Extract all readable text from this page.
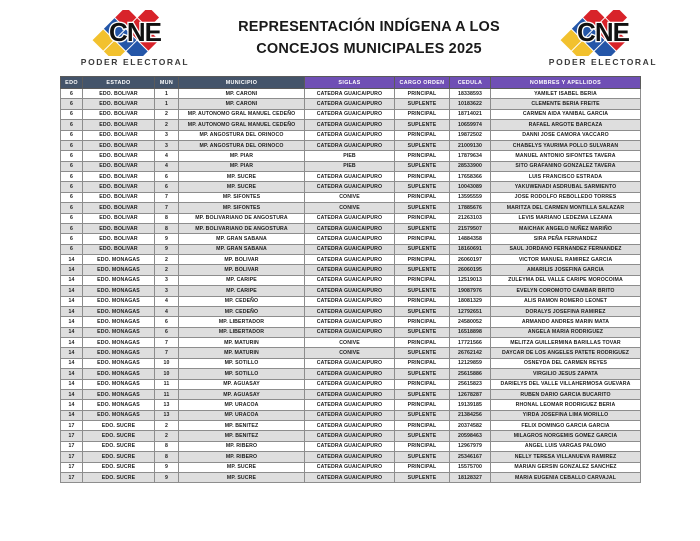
CNE
PODER ELECTORAL
REPRESENTACIÓN INDÍGENA A LOS
CONCEJOS MUNICIPALES 2025
CNE
PODER ELECTORAL
EDO	ESTADO	MUN	MUNICIPIO	SIGLAS	CARGO ORDEN	CEDULA	NOMBRES Y APELLIDOS
6	EDO. BOLIVAR	1	MP. CARONI	CATEDRA GUAICAIPURO	PRINCIPAL	18338593	YAMILET ISABEL BERIA
6	EDO. BOLIVAR	1	MP. CARONI	CATEDRA GUAICAIPURO	SUPLENTE	10183622	CLEMENTE BERIA FREITE
6	EDO. BOLIVAR	2	MP. AUTONOMO GRAL MANUEL CEDEÑO	CATEDRA GUAICAIPURO	PRINCIPAL	18714021	CARMEN AIDA YANIBAL GARCIA
6	EDO. BOLIVAR	2	MP. AUTONOMO GRAL MANUEL CEDEÑO	CATEDRA GUAICAIPURO	SUPLENTE	10659974	RAFAEL ARGOTE BARCAZA
6	EDO. BOLIVAR	3	MP. ANGOSTURA DEL ORINOCO	CATEDRA GUAICAIPURO	PRINCIPAL	19872502	DANNI JOSE CAMORA VACCARO
6	EDO. BOLIVAR	3	MP. ANGOSTURA DEL ORINOCO	CATEDRA GUAICAIPURO	SUPLENTE	21009130	CHABELYS YAURIMA POLLO SULVARAN
6	EDO. BOLIVAR	4	MP. PIAR	PIEB	PRINCIPAL	17879634	MANUEL ANTONIO SIFONTES TAVERA
6	EDO. BOLIVAR	4	MP. PIAR	PIEB	SUPLENTE	28533900	SITO GRAFANINO GONZALEZ TAVERA
6	EDO. BOLIVAR	6	MP. SUCRE	CATEDRA GUAICAIPURO	PRINCIPAL	17658366	LUIS FRANCISCO ESTRADA
6	EDO. BOLIVAR	6	MP. SUCRE	CATEDRA GUAICAIPURO	SUPLENTE	10043089	YAKUWENADI ASDRUBAL SARMIENTO
6	EDO. BOLIVAR	7	MP. SIFONTES	CONIVE	PRINCIPAL	13595559	JOSE RODOLFO REBOLLEDO TORRES
6	EDO. BOLIVAR	7	MP. SIFONTES	CONIVE	SUPLENTE	17885676	MARITZA DEL CARMEN MONTILLA SALAZAR
6	EDO. BOLIVAR	8	MP. BOLIVARIANO DE ANGOSTURA	CATEDRA GUAICAIPURO	PRINCIPAL	21263103	LEVIS MARIANO LEDEZMA LEZAMA
6	EDO. BOLIVAR	8	MP. BOLIVARIANO DE ANGOSTURA	CATEDRA GUAICAIPURO	SUPLENTE	21579507	MAICHAK ANGELO NUÑEZ MARIÑO
6	EDO. BOLIVAR	9	MP. GRAN SABANA	CATEDRA GUAICAIPURO	PRINCIPAL	14884358	SIRA PEÑA FERNANDEZ
6	EDO. BOLIVAR	9	MP. GRAN SABANA	CATEDRA GUAICAIPURO	SUPLENTE	18160691	SAUL JORDANO FERNANDEZ FERNANDEZ
14	EDO. MONAGAS	2	MP. BOLIVAR	CATEDRA GUAICAIPURO	PRINCIPAL	26060197	VICTOR MANUEL RAMIREZ GARCIA
14	EDO. MONAGAS	2	MP. BOLIVAR	CATEDRA GUAICAIPURO	SUPLENTE	26060195	AMARILIS JOSEFINA GARCIA
14	EDO. MONAGAS	3	MP. CARIPE	CATEDRA GUAICAIPURO	PRINCIPAL	12519013	ZULEYMA DEL VALLE CARIPE MOROCOIMA
14	EDO. MONAGAS	3	MP. CARIPE	CATEDRA GUAICAIPURO	SUPLENTE	19087976	EVELYN COROMOTO CAMBAR BRITO
14	EDO. MONAGAS	4	MP. CEDEÑO	CATEDRA GUAICAIPURO	PRINCIPAL	18081329	ALIS RAMON ROMERO LEONET
14	EDO. MONAGAS	4	MP. CEDEÑO	CATEDRA GUAICAIPURO	SUPLENTE	12792651	DORALYS JOSEFINA RAMIREZ
14	EDO. MONAGAS	6	MP. LIBERTADOR	CATEDRA GUAICAIPURO	PRINCIPAL	24580052	ARMANDO ANDRES MARIN MATA
14	EDO. MONAGAS	6	MP. LIBERTADOR	CATEDRA GUAICAIPURO	SUPLENTE	16518898	ANGELA MARIA RODRIGUEZ
14	EDO. MONAGAS	7	MP. MATURIN	CONIVE	PRINCIPAL	17721566	MELITZA GUILLERMINA BARILLAS TOVAR
14	EDO. MONAGAS	7	MP. MATURIN	CONIVE	SUPLENTE	26762142	DAYCAR DE LOS ANGELES PATETE RODRIGUEZ
14	EDO. MONAGAS	10	MP. SOTILLO	CATEDRA GUAICAIPURO	PRINCIPAL	12129859	OSNEYDA DEL CARMEN REYES
14	EDO. MONAGAS	10	MP. SOTILLO	CATEDRA GUAICAIPURO	SUPLENTE	25615886	VIRGILIO JESUS ZAPATA
14	EDO. MONAGAS	11	MP. AGUASAY	CATEDRA GUAICAIPURO	PRINCIPAL	25615823	DARIELYS DEL VALLE VILLAHERMOSA GUEVARA
14	EDO. MONAGAS	11	MP. AGUASAY	CATEDRA GUAICAIPURO	SUPLENTE	12678287	RUBEN DARIO GARCIA BUCARITO
14	EDO. MONAGAS	13	MP. URACOA	CATEDRA GUAICAIPURO	PRINCIPAL	19139185	RHONAL LEOMAR RODRIGUEZ BERIA
14	EDO. MONAGAS	13	MP. URACOA	CATEDRA GUAICAIPURO	SUPLENTE	21384256	YIRDA JOSEFINA LIMA MORILLO
17	EDO. SUCRE	2	MP. BENITEZ	CATEDRA GUAICAIPURO	PRINCIPAL	20374582	FELIX DOMINGO GARCIA GARCIA
17	EDO. SUCRE	2	MP. BENITEZ	CATEDRA GUAICAIPURO	SUPLENTE	20598463	MILAGROS NORGEMIS GOMEZ GARCIA
17	EDO. SUCRE	8	MP. RIBERO	CATEDRA GUAICAIPURO	PRINCIPAL	12967979	ANGEL LUIS VARGAS PALOMO
17	EDO. SUCRE	8	MP. RIBERO	CATEDRA GUAICAIPURO	SUPLENTE	25346167	NELLY TERESA VILLANUEVA RAMIREZ
17	EDO. SUCRE	9	MP. SUCRE	CATEDRA GUAICAIPURO	PRINCIPAL	15575700	MARIAN GERSIN GONZALEZ SANCHEZ
17	EDO. SUCRE	9	MP. SUCRE	CATEDRA GUAICAIPURO	SUPLENTE	18128327	MARIA EUGENIA CEBALLO CARVAJAL
